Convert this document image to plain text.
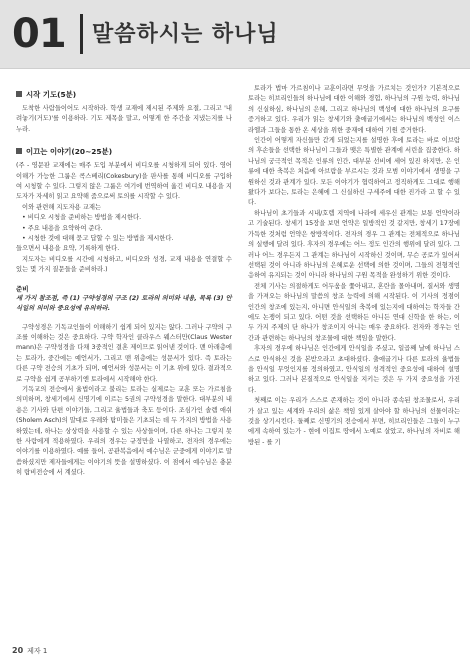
01 말씀하시는 하나님
시작 기도(5분)

도착한 사람들이어도 시작하라. 학생 교재에 제시된 주제와 요절, 그리고 '내려놓기(거도)'를 이용하라. 기도 제목을 말고, 어떻게 한 주간을 지냈는지를 나누라.

이끄는 이야기(20~25분)

(주 - 영문판 교재에는 매주 도입 부분에서 비디오를 시청하게 되어 있다. 영어 이해가 가능한 그룹은 콕스베리(Cokesbury)을 판사를 통해 비디오를 구입하여 시청할 수 있다. 그렇지 않은 그룹은 여기에 번역하여 옮긴 비디오 내용을 지도자가 자세히 읽고 요약해 줌으로써 토의를 시작할 수 있다.

이와 관련해 지도자용 교재는

• 비디오 시청을 준비하는 방법을 제시한다.

• 주요 내용을 요약하여 준다.

• 시청한 것에 대해 묻고 답할 수 있는 방법을 제시한다.

들으면서 내용을 요약, 기록하게 한다.

지도자는 비디오를 시간에 시청하고, 비디오와 성경, 교재 내용을 연결할 수 있는 몇 가지 질문들을 준비하라.)

준비

세 가지 참조점, 즉 (1) 구약성경의 구조 (2) 토라의 의미와 내용, 목록 (3) 안식일의 의미와 중요성에 유의하라.

구약성경은 기독교인들이 이해하기 쉽게 되어 있지는 않다. 그러나 구약의 구조를 이해하는 것은 중요하다. 구약 학자인 클라우스 웨스터만(Claus Westermann)은 구약성경을 다채 3중적인 결혼 제이므로 읽어낸 것이다. 맨 아래층에는 토라가, 중간에는 예언서가, 그리고 맨 위층에는 성문서가 있다. 즉 토라는 다른 구약 전승의 기초가 되며, 예언서와 성문서는 이 기초 위에 있다. 결과적으로 구약을 쉽게 공부하기엔 토라에서 시작해야 한다.

기독교의 전승에서 율법이라고 불리는 토라는 실제로는 교훈 또는 가르침을 의미하며, 창세기에서 신명기에 이르는 5권의 구약성경을 말한다. 대부분의 내용은 기사와 단편 이야기들, 그리고 율법들과 축도 등이다. 조심가인 솔렘 애쉬(Sholem Asch)의 말대로 우레와 탐미들은 기초되는 데 두 가지의 방법을 사용하였는데, 하나는 상상력을 사용할 수 있는 사상들이며, 다른 하나는 그렇지 못한 사람에게 적용하였다. 우리의 경우는 규정만을 나열하고, 전자의 경우에는 이야기를 이용하였다. 예를 들어, 공관복음에서 예수님은 군중에게 이야기로 말씀하셨지만 제자들에게는 이야기의 뜻을 설명하셨다. 이 점에서 예수님은 충분히 랍비전승에 서 계셨다.

토라가 법마 가르침이나 교훈이라면 무엇을 가르치는 것인가? 기본적으로 토라는 히브리인들의 하나님에 대한 이해와 경험, 하나님의 구원 능력, 하나님의 신실하심, 하나님의 은혜, 그리고 하나님의 백성에 대한 하나님의 요구를 증거하고 있다. 우리가 읽는 창세기와 출애굽기에서는 하나님의 백성인 이스라엘과 그들을 통한 온 세상을 위한 중재에 대하여 기원 증거한다.

인간이 어떻게 자신들만 갇게 되었는지를 설명한 후에 토라는 바로 이브람의 후손들을 선택한 하나님이 그들과 맺은 특별한 관계에 서린을 집중한다. 하나님의 궁극적인 목적은 인류의 인간, 대부분 선비에 세어 있진 하지만, 은 인류에 대한 축복은 처음에 아브람을 부르시는 것과 모범 이야기에서 생명을 구원하신 것과 관계가 있다. 모든 이야기가 협력하여고 정직하게도 그대로 행해왔다가 보다는, 토라는 은혜에 그 신실하신 구세주에 대한 진가라 고 할 수 있다.

하나님이 초기들과 시내/호렙 지역에 나라에 세우신 관계는 보통 언약이라고 기술된다. 창세기 15장을 보면 언약은 일방적인 것 같지만, 창세기 17장에 가득한 것처럼 언약은 쌍방적이다. 전자의 경우 그 관계는 전체적으로 하나님의 실행에 달려 있다. 후자의 경우에는 어느 정도 인간의 행위에 달려 있다. 그러나 어느 경우든지 그 관계는 하나님이 시작하신 것이며, 무슨 공로가 있어서 선택된 것이 아니라 하나님의 은혜로운 선택에 의한 것이며, 그들의 전형적인 응하여 유지되는 것이 아니라 하나님의 구원 목적을 완성하기 위한 것이다.

전체 기사는 의절하게도 어두움을 쫓아내고, 혼란을 몰아내며, 질서와 생명을 가져오는 하나님의 말씀의 창조 능력에 의해 시작된다. 이 기사의 정점이 인간의 창조에 있는지, 아니면 안식일의 축복에 있는지에 대하여는 학자들 간에도 논쟁이 되고 있다. 어떤 것을 선택하든 아니든 연대 신학을 한 하는, 이 두 가지 주제의 단 하나가 창조이지 아니는 매우 중요하다. 전자와 경우는 인간과 관련하는 하나님의 창조물에 대한 책임을 말한다.

후자의 경우에 하나님은 인간에게 안식일을 주셨고, 일곱째 날에 하나님 스스로 안식하신 것을 본받으라고 초대하셨다. 출애굽기나 다른 토라의 율법들을 안식일 무엇인지를 정의하였고, 안식일의 성격적인 중요성에 대하여 설명하고 있다. 그러나 본질적으로 안식일을 지키는 것은 두 가지 중요성을 가진다.

첫째로 이는 우리가 스스로 존재하는 것이 아니라 종속된 창조물로서, 우리가 살고 있는 세계와 우리의 삶은 책임 있게 살아야 할 하나님의 선물이라는 것을 상기시킨다. 둘째로 신명기의 전승에서 부면, 히브리인들은 그들이 누구에게 속하여 있는가 - 현에 이집트 땅에서 노예로 살았고, 하나님의 자비로 해방된 - 를 기

20 제자 1
